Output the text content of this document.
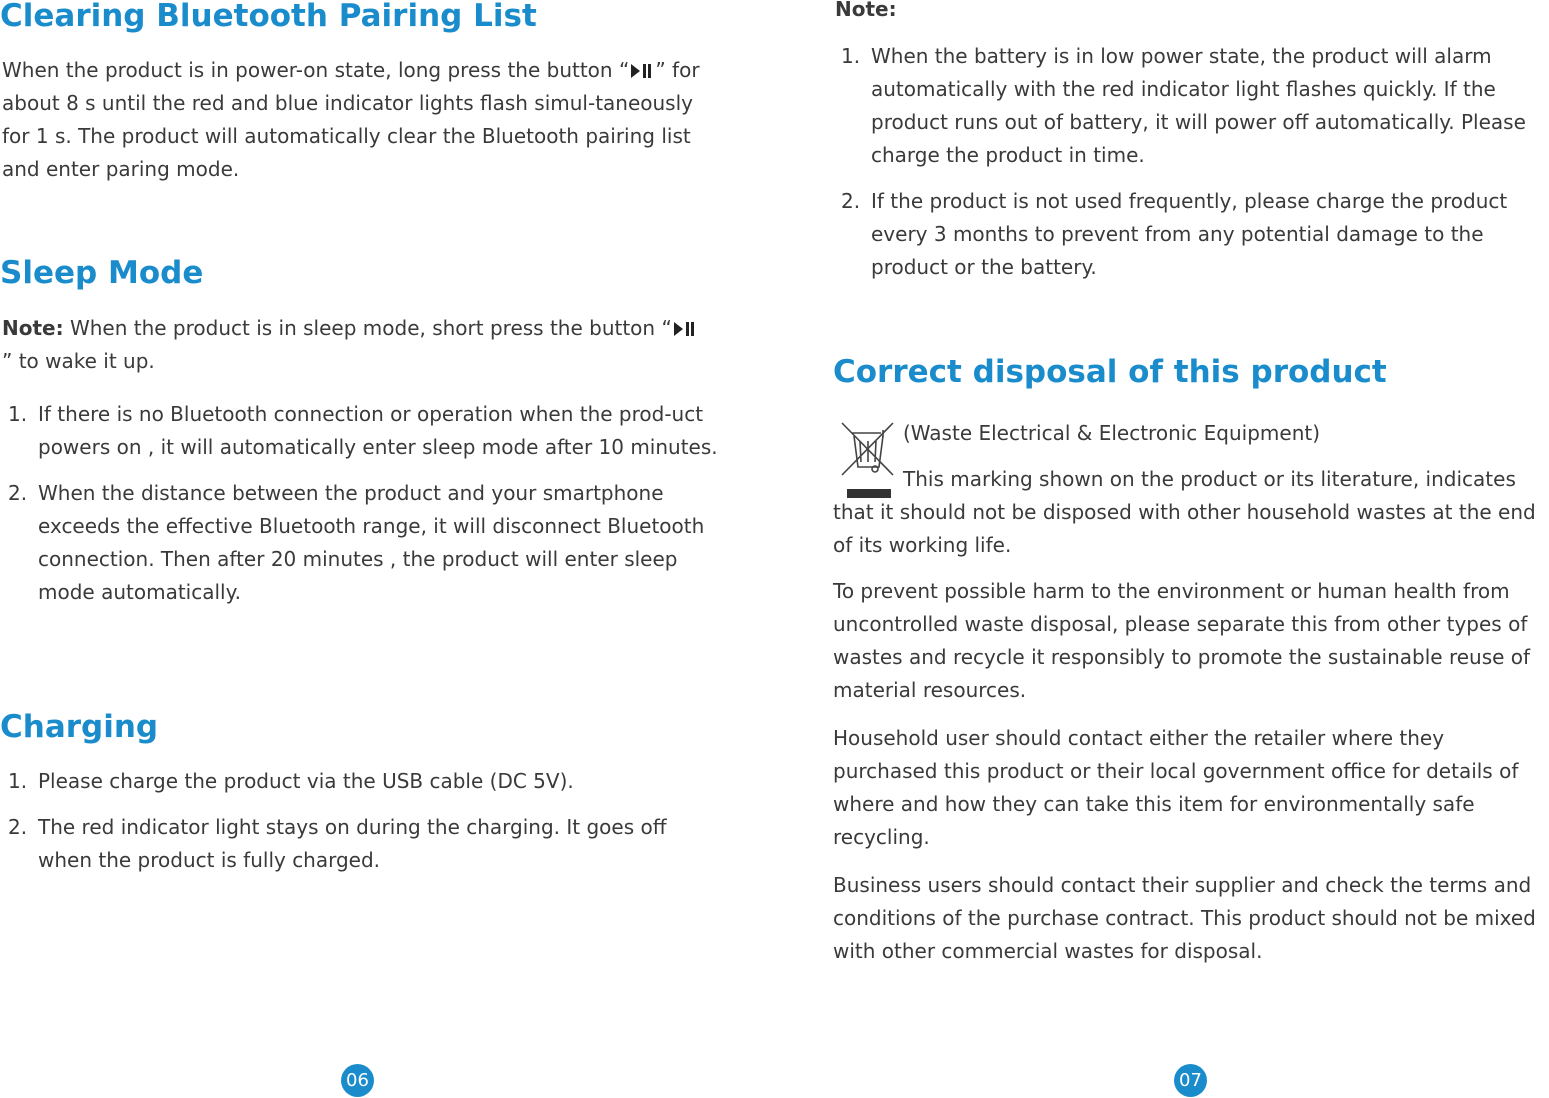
Clearing Bluetooth Pairing List

When the product is in power-on state, long press the button “ ” for about 8 s until the red and blue indicator lights flash simul-taneously for 1 s. The product will automatically clear the Bluetooth pairing list and enter paring mode.

Sleep Mode

Note: When the product is in sleep mode, short press the button “
” to wake it up.

1. If there is no Bluetooth connection or operation when the prod-uct powers on , it will automatically enter sleep mode after 10 minutes.
2. When the distance between the product and your smartphone exceeds the effective Bluetooth range, it will disconnect Bluetooth connection. Then after 20 minutes , the product will enter sleep mode automatically.
Charging
1. Please charge the product via the USB cable (DC 5V).
2. The red indicator light stays on during the charging. It goes off when the product is fully charged.
06

Note:

1. When the battery is in low power state, the product will alarm automatically with the red indicator light flashes quickly. If the product runs out of battery, it will power off automatically. Please charge the product in time.
2. If the product is not used frequently, please charge the product every 3 months to prevent from any potential damage to the product or the battery.
Correct disposal of this product

(Waste Electrical & Electronic Equipment)

This marking shown on the product or its literature, indicates that it should not be disposed with other household wastes at the end of its working life.

To prevent possible harm to the environment or human health from uncontrolled waste disposal, please separate this from other types of wastes and recycle it responsibly to promote the sustainable reuse of material resources.

Household user should contact either the retailer where they purchased this product or their local government office for details of where and how they can take this item for environmentally safe recycling.

Business users should contact their supplier and check the terms and conditions of the purchase contract. This product should not be mixed with other commercial wastes for disposal.

07
